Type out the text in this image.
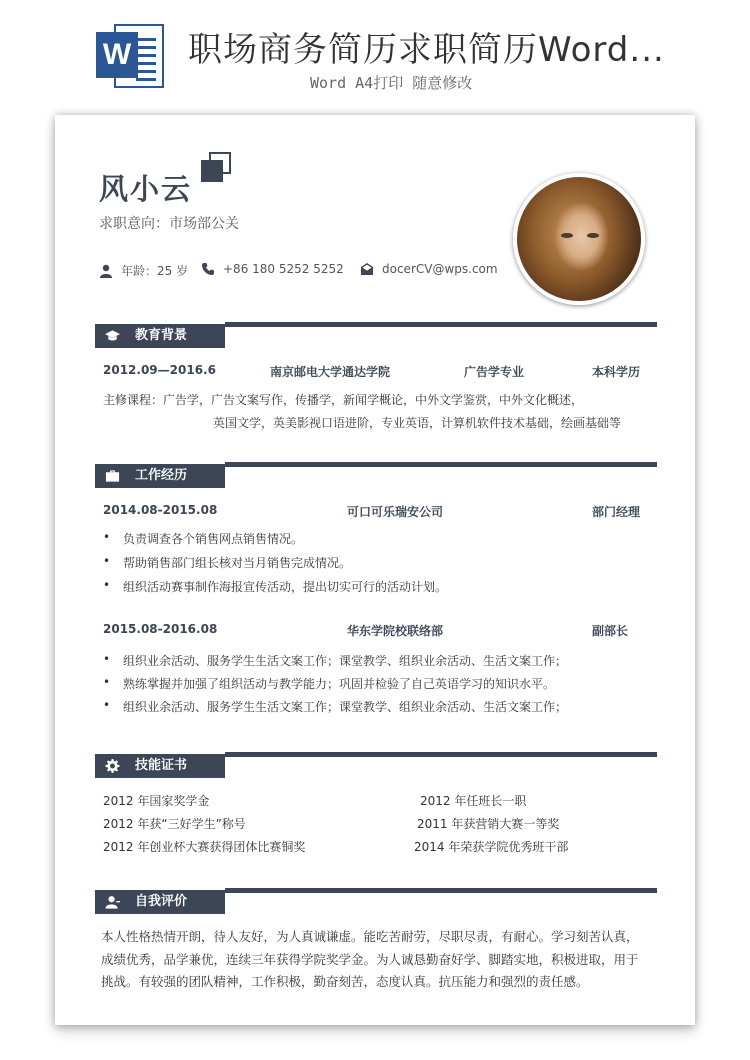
W 职场商务简历求职简历Word...
Word A4打印 随意修改
风小云
求职意向：市场部公关
年龄：25 岁	+86 180 5252 5252	docerCV@wps.com
教育背景
2012.09—2016.6	南京邮电大学通达学院	广告学专业	本科学历
主修课程：广告学，广告文案写作，传播学，新闻学概论，中外文学鉴赏，中外文化概述，
英国文学，英美影视口语进阶，专业英语，计算机软件技术基础，绘画基础等
工作经历
2014.08-2015.08	可口可乐瑞安公司	部门经理
• 负责调查各个销售网点销售情况。
• 帮助销售部门组长核对当月销售完成情况。
• 组织活动赛事制作海报宣传活动，提出切实可行的活动计划。
2015.08-2016.08	华东学院校联络部	副部长
• 组织业余活动、服务学生生活文案工作；课堂教学、组织业余活动、生活文案工作；
• 熟练掌握并加强了组织活动与教学能力；巩固并检验了自己英语学习的知识水平。
• 组织业余活动、服务学生生活文案工作；课堂教学、组织业余活动、生活文案工作；
技能证书
2012 年国家奖学金	2012 年任班长一职
2012 年获“三好学生”称号	2011 年获营销大赛一等奖
2012 年创业杯大赛获得团体比赛铜奖	2014 年荣获学院优秀班干部
自我评价
本人性格热情开朗，待人友好，为人真诚谦虚。能吃苦耐劳，尽职尽责，有耐心。学习刻苦认真，
成绩优秀，品学兼优，连续三年获得学院奖学金。为人诚恳勤奋好学、脚踏实地，积极进取，用于
挑战。有较强的团队精神，工作积极，勤奋刻苦，态度认真。抗压能力和强烈的责任感。
